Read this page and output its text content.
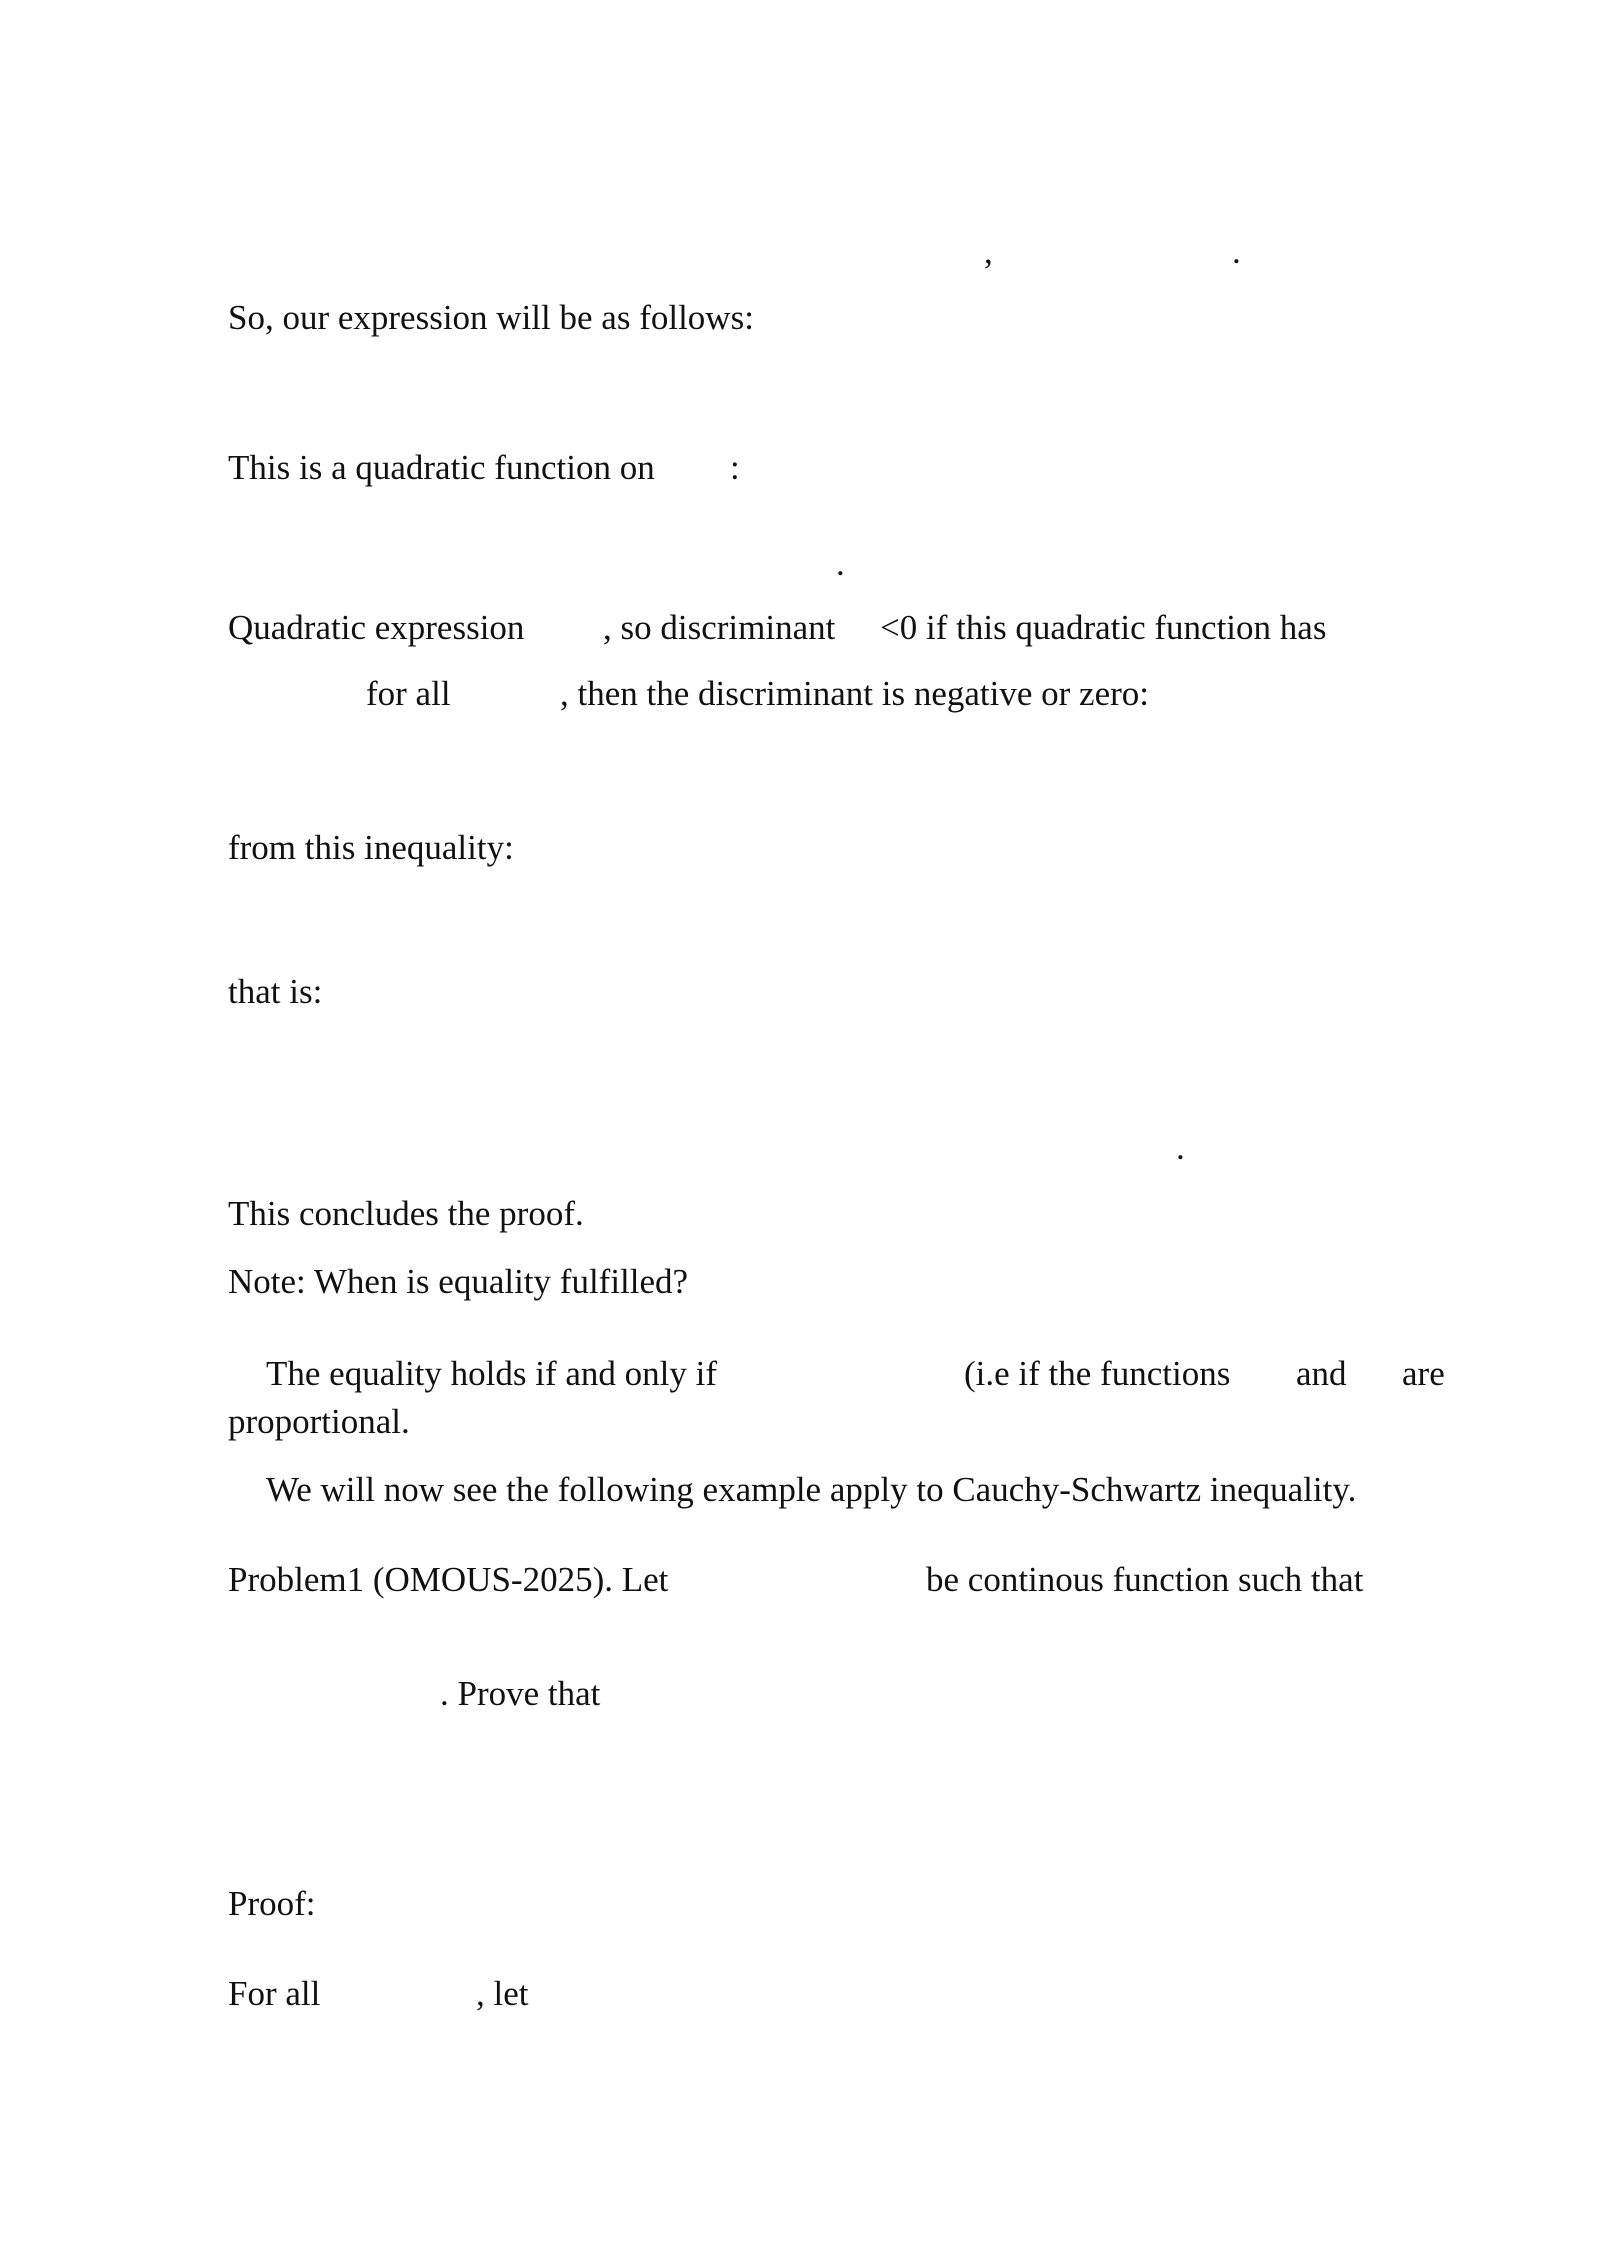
,	.
So, our expression will be as follows:
This is a quadratic function on :
.
Quadratic expression , so discriminant <0 if this quadratic function has
for all	, then the discriminant is negative or zero:
from this inequality:
that is:
.
This concludes the proof.
Note: When is equality fulfilled?
The equality holds if and only if	(i.e if the functions and are
proportional.
We will now see the following example apply to Cauchy-Schwartz inequality.
Problem1 (OMOUS-2025). Let	be continous function such that
. Prove that
Proof:
For all	, let
